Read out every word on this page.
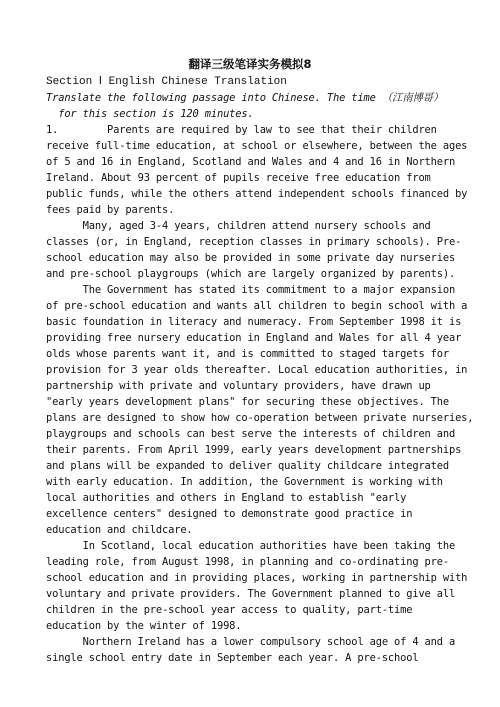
翻译三级笔译实务模拟8
Section Ⅰ English Chinese Translation
Translate the following passage into Chinese. The time （江南博哥）
for this section is 120 minutes.
1.        Parents are required by law to see that their children
receive full-time education, at school or elsewhere, between the ages
of 5 and 16 in England, Scotland and Wales and 4 and 16 in Northern
Ireland. About 93 percent of pupils receive free education from
public funds, while the others attend independent schools financed by
fees paid by parents.
Many, aged 3-4 years, children attend nursery schools and
classes (or, in England, reception classes in primary schools). Pre-
school education may also be provided in some private day nurseries
and pre-school playgroups (which are largely organized by parents).
The Government has stated its commitment to a major expansion
of pre-school education and wants all children to begin school with a
basic foundation in literacy and numeracy. From September 1998 it is
providing free nursery education in England and Wales for all 4 year
olds whose parents want it, and is committed to staged targets for
provision for 3 year olds thereafter. Local education authorities, in
partnership with private and voluntary providers, have drawn up
"early years development plans" for securing these objectives. The
plans are designed to show how co-operation between private nurseries,
playgroups and schools can best serve the interests of children and
their parents. From April 1999, early years development partnerships
and plans will be expanded to deliver quality childcare integrated
with early education. In addition, the Government is working with
local authorities and others in England to establish "early
excellence centers" designed to demonstrate good practice in
education and childcare.
In Scotland, local education authorities have been taking the
leading role, from August 1998, in planning and co-ordinating pre-
school education and in providing places, working in partnership with
voluntary and private providers. The Government planned to give all
children in the pre-school year access to quality, part-time
education by the winter of 1998.
Northern Ireland has a lower compulsory school age of 4 and a
single school entry date in September each year. A pre-school
